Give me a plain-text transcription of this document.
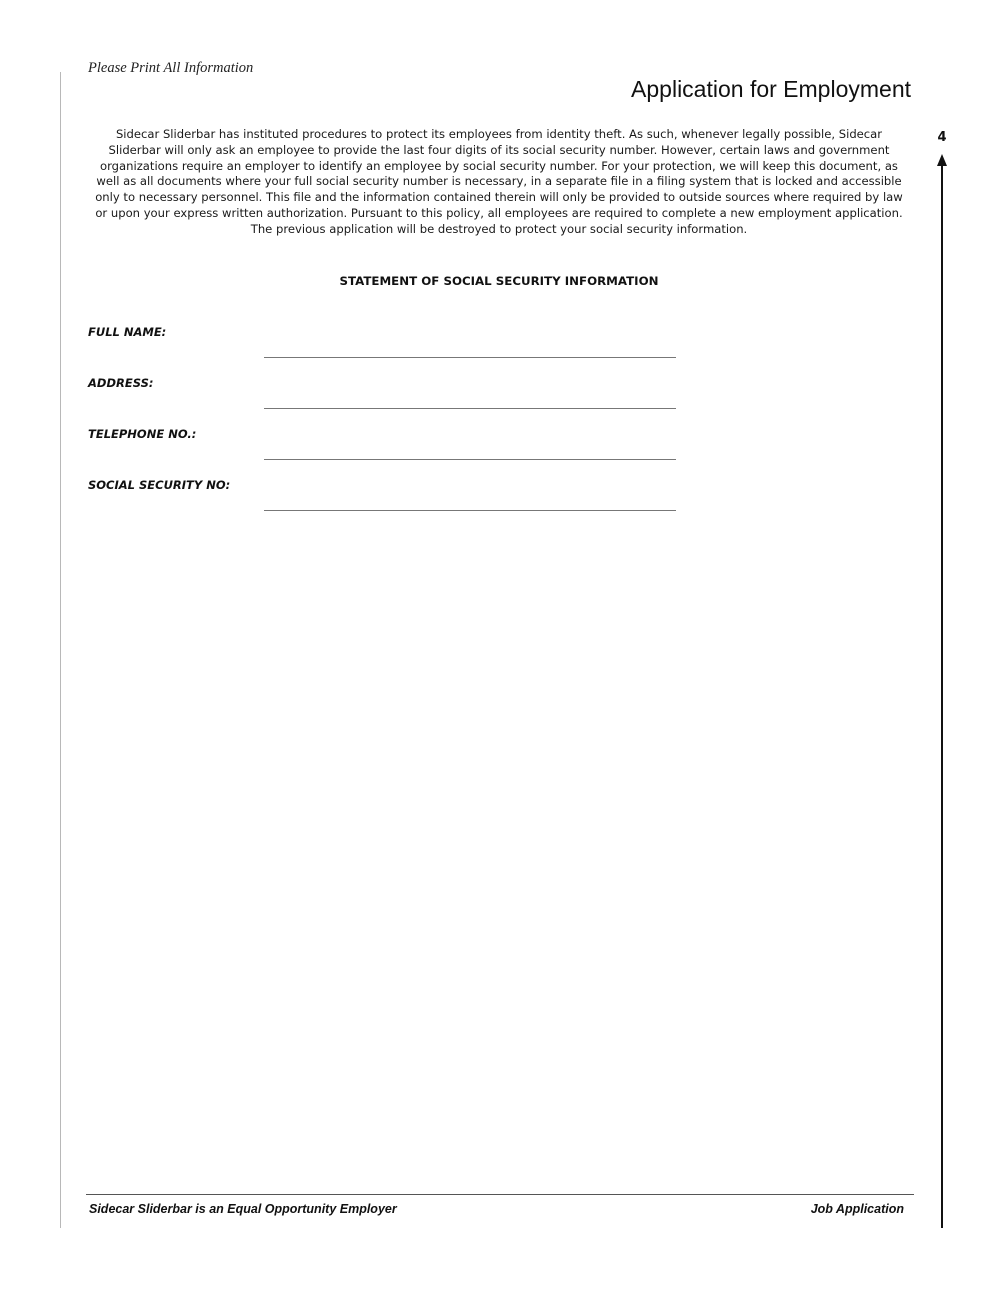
Please Print All Information
Application for Employment
4

Sidecar Sliderbar has instituted procedures to protect its employees from identity theft. As such, whenever legally possible, Sidecar Sliderbar will only ask an employee to provide the last four digits of its social security number. However, certain laws and government organizations require an employer to identify an employee by social security number. For your protection, we will keep this document, as well as all documents where your full social security number is necessary, in a separate file in a filing system that is locked and accessible only to necessary personnel. This file and the information contained therein will only be provided to outside sources where required by law or upon your express written authorization. Pursuant to this policy, all employees are required to complete a new employment application. The previous application will be destroyed to protect your social security information.

STATEMENT OF SOCIAL SECURITY INFORMATION
FULL NAME:
ADDRESS:
TELEPHONE NO.:
SOCIAL SECURITY NO:
Sidecar Sliderbar is an Equal Opportunity Employer	Job Application
